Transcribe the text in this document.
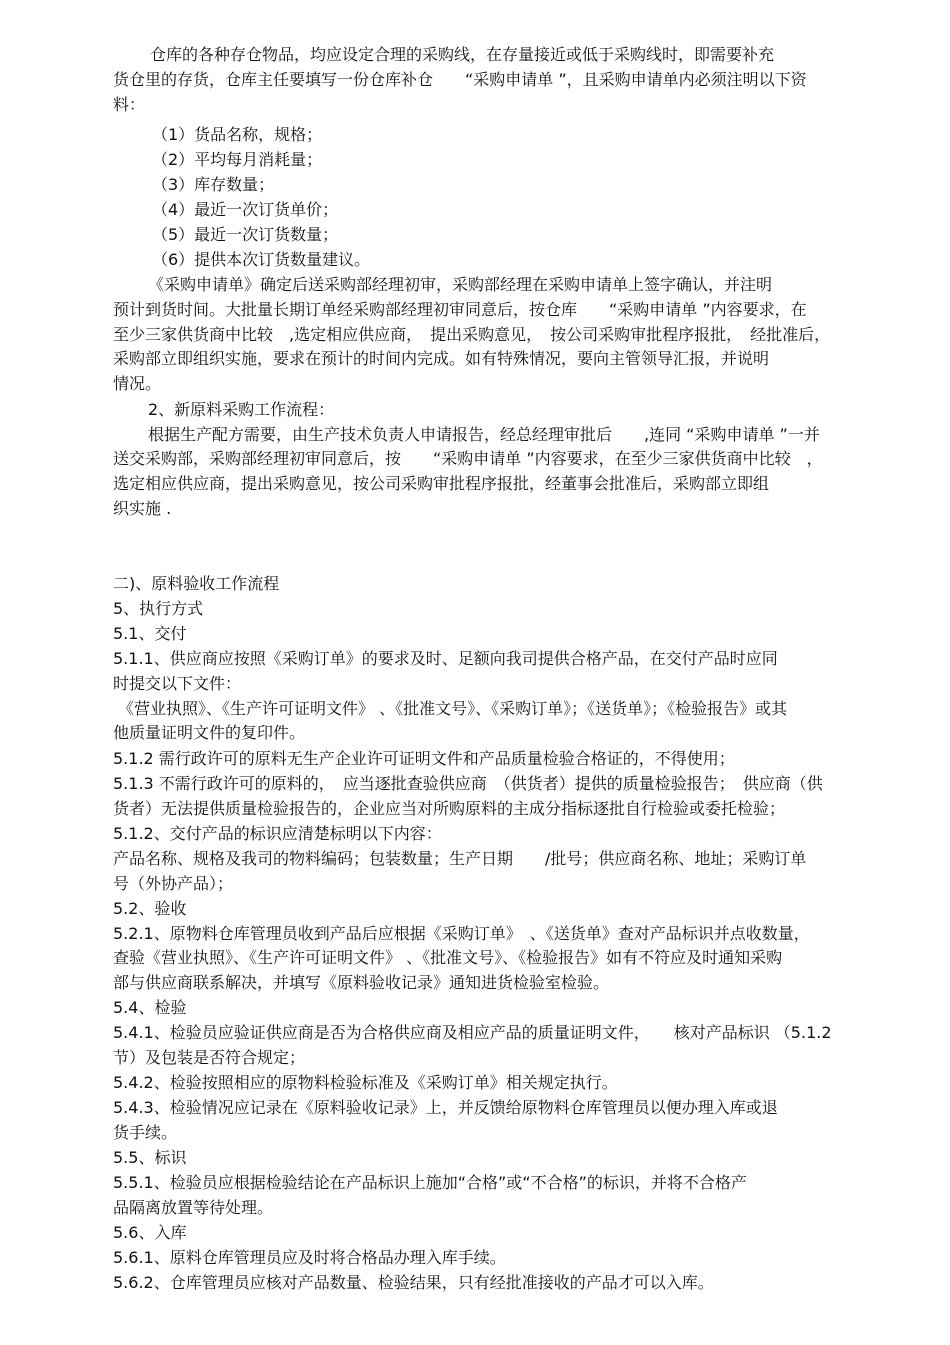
仓库的各种存仓物品，均应设定合理的采购线，在存量接近或低于采购线时，即需要补充
货仓里的存货，仓库主任要填写一份仓库补仓　　“采购申请单 ”，且采购申请单内必须注明以下资
料：
（1）货品名称，规格；
（2）平均每月消耗量；
（3）库存数量；
（4）最近一次订货单价；
（5）最近一次订货数量；
（6）提供本次订货数量建议。
《采购申请单》确定后送采购部经理初审，采购部经理在采购申请单上签字确认，并注明
预计到货时间。大批量长期订单经采购部经理初审同意后，按仓库　　“采购申请单 ”内容要求，在
至少三家供货商中比较　,选定相应供应商，　提出采购意见，　按公司采购审批程序报批，　经批准后，
采购部立即组织实施，要求在预计的时间内完成。如有特殊情况，要向主管领导汇报，并说明
情况。
2、新原料采购工作流程：
根据生产配方需要，由生产技术负责人申请报告，经总经理审批后　　,连同 “采购申请单 ”一并
送交采购部，采购部经理初审同意后，按　　“采购申请单 ”内容要求，在至少三家供货商中比较　，
选定相应供应商，提出采购意见，按公司采购审批程序报批，经董事会批准后，采购部立即组
织实施 .
二)、原料验收工作流程
5、执行方式
5.1、交付
5.1.1、供应商应按照《采购订单》的要求及时、足额向我司提供合格产品，在交付产品时应同
时提交以下文件：
《营业执照》、《生产许可证明文件》 、《批准文号》、《采购订单》；《送货单》；《检验报告》或其
他质量证明文件的复印件。
5.1.2 需行政许可的原料无生产企业许可证明文件和产品质量检验合格证的，不得使用；
5.1.3 不需行政许可的原料的，　应当逐批查验供应商　（供货者）提供的质量检验报告；　供应商（供
货者）无法提供质量检验报告的，企业应当对所购原料的主成分指标逐批自行检验或委托检验；
5.1.2、交付产品的标识应清楚标明以下内容：
产品名称、规格及我司的物料编码；包装数量；生产日期　　/批号；供应商名称、地址；采购订单
号（外协产品）；
5.2、验收
5.2.1、原物料仓库管理员收到产品后应根据《采购订单》　、《送货单》查对产品标识并点收数量，
查验《营业执照》、《生产许可证明文件》 、《批准文号》、《检验报告》如有不符应及时通知采购
部与供应商联系解决，并填写《原料验收记录》通知进货检验室检验。
5.4、检验
5.4.1、检验员应验证供应商是否为合格供应商及相应产品的质量证明文件，　　核对产品标识 （5.1.2
节）及包装是否符合规定；
5.4.2、检验按照相应的原物料检验标准及《采购订单》相关规定执行。
5.4.3、检验情况应记录在《原料验收记录》上，并反馈给原物料仓库管理员以便办理入库或退
货手续。
5.5、标识
5.5.1、检验员应根据检验结论在产品标识上施加“合格”或“不合格”的标识，并将不合格产
品隔离放置等待处理。
5.6、入库
5.6.1、原料仓库管理员应及时将合格品办理入库手续。
5.6.2、仓库管理员应核对产品数量、检验结果，只有经批准接收的产品才可以入库。
